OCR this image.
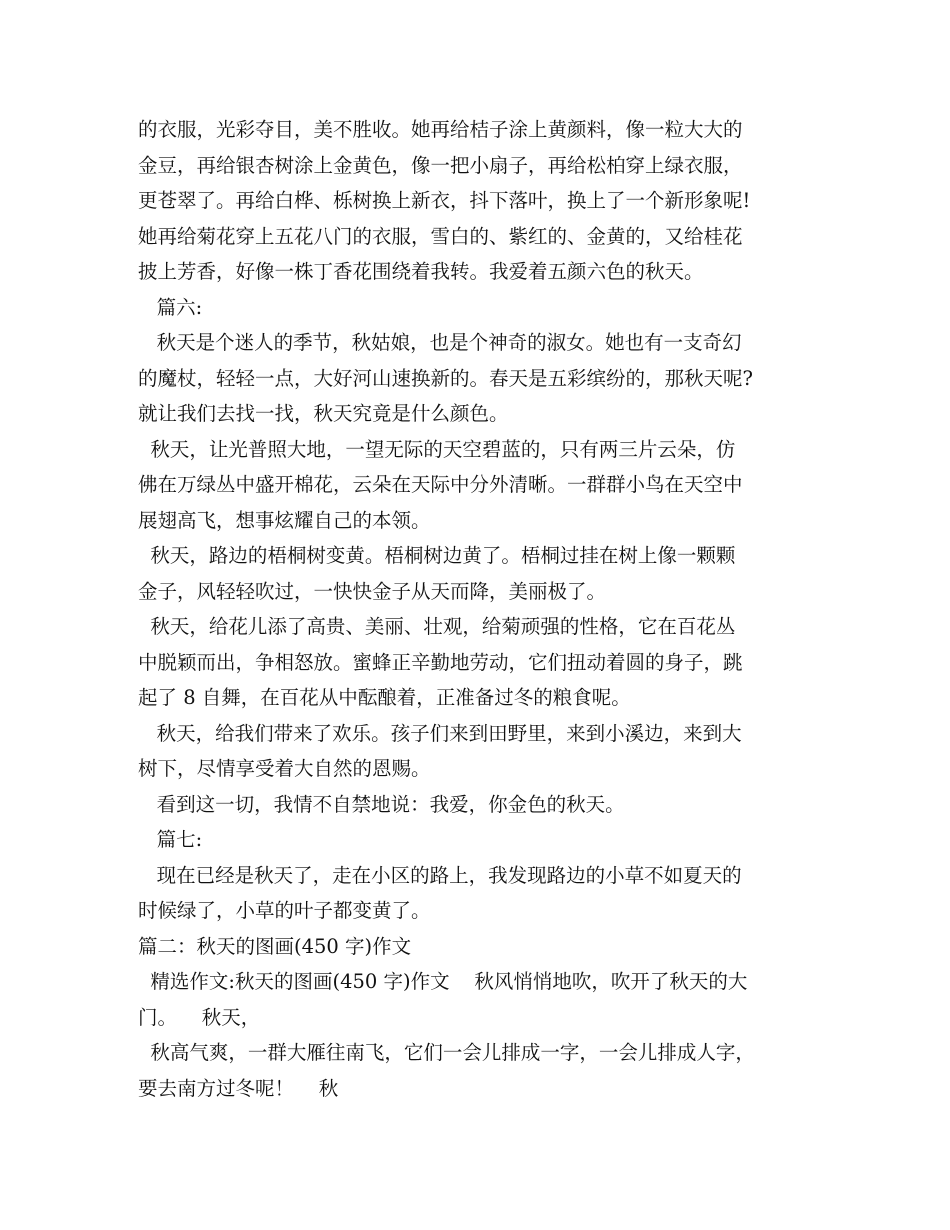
的衣服，光彩夺目，美不胜收。她再给桔子涂上黄颜料，像一粒大大的
金豆，再给银杏树涂上金黄色，像一把小扇子，再给松柏穿上绿衣服，
更苍翠了。再给白桦、栎树换上新衣，抖下落叶，换上了一个新形象呢!
她再给菊花穿上五花八门的衣服，雪白的、紫红的、金黄的，又给桂花
披上芳香，好像一株丁香花围绕着我转。我爱着五颜六色的秋天。
篇六:
秋天是个迷人的季节，秋姑娘，也是个神奇的淑女。她也有一支奇幻
的魔杖，轻轻一点，大好河山速换新的。春天是五彩缤纷的，那秋天呢?
就让我们去找一找，秋天究竟是什么颜色。
秋天，让光普照大地，一望无际的天空碧蓝的，只有两三片云朵，仿
佛在万绿丛中盛开棉花，云朵在天际中分外清晰。一群群小鸟在天空中
展翅高飞，想事炫耀自己的本领。
秋天，路边的梧桐树变黄。梧桐树边黄了。梧桐过挂在树上像一颗颗
金子，风轻轻吹过，一快快金子从天而降，美丽极了。
秋天，给花儿添了高贵、美丽、壮观，给菊顽强的性格，它在百花丛
中脱颖而出，争相怒放。蜜蜂正辛勤地劳动，它们扭动着圆的身子，跳
起了 8 自舞，在百花从中酝酿着，正准备过冬的粮食呢。
秋天，给我们带来了欢乐。孩子们来到田野里，来到小溪边，来到大
树下，尽情享受着大自然的恩赐。
看到这一切，我情不自禁地说：我爱，你金色的秋天。
篇七:
现在已经是秋天了，走在小区的路上，我发现路边的小草不如夏天的
时候绿了，小草的叶子都变黄了。
篇二：秋天的图画(450 字)作文
精选作文:秋天的图画(450 字)作文    秋风悄悄地吹，吹开了秋天的大
门。    秋天，
秋高气爽，一群大雁往南飞，它们一会儿排成一字，一会儿排成人字，
要去南方过冬呢！    秋
